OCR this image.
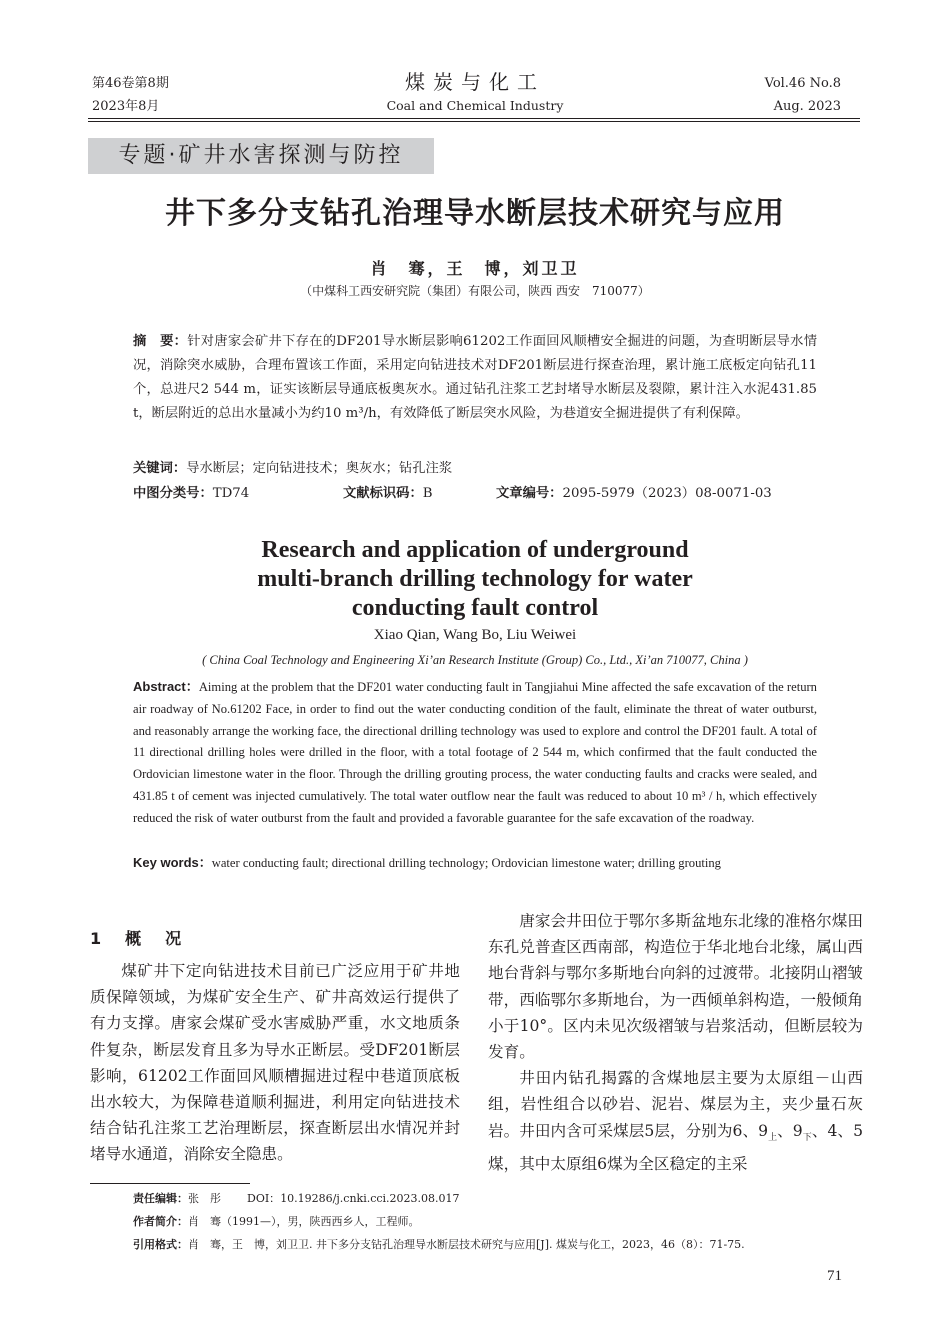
第46卷第8期
2023年8月
煤炭与化工
Coal and Chemical Industry
Vol.46 No.8
Aug. 2023
专题·矿井水害探测与防控
井下多分支钻孔治理导水断层技术研究与应用
肖　骞，王　博，刘卫卫
（中煤科工西安研究院（集团）有限公司，陕西 西安　710077）
摘　要：针对唐家会矿井下存在的DF201导水断层影响61202工作面回风顺槽安全掘进的问题，为查明断层导水情况，消除突水威胁，合理布置该工作面，采用定向钻进技术对DF201断层进行探查治理，累计施工底板定向钻孔11个，总进尺2 544 m，证实该断层导通底板奥灰水。通过钻孔注浆工艺封堵导水断层及裂隙，累计注入水泥431.85 t，断层附近的总出水量减小为约10 m³/h，有效降低了断层突水风险，为巷道安全掘进提供了有利保障。
关键词：导水断层；定向钻进技术；奥灰水；钻孔注浆
中图分类号：TD74	文献标识码：B	文章编号：2095-5979（2023）08-0071-03
Research and application of underground
multi-branch drilling technology for water
conducting fault control
Xiao Qian, Wang Bo, Liu Weiwei
( China Coal Technology and Engineering Xi’an Research Institute (Group) Co., Ltd., Xi’an 710077, China )
Abstract：Aiming at the problem that the DF201 water conducting fault in Tangjiahui Mine affected the safe excavation of the return air roadway of No.61202 Face, in order to find out the water conducting condition of the fault, eliminate the threat of water outburst, and reasonably arrange the working face, the directional drilling technology was used to explore and control the DF201 fault. A total of 11 directional drilling holes were drilled in the floor, with a total footage of 2 544 m, which confirmed that the fault conducted the Ordovician limestone water in the floor. Through the drilling grouting process, the water conducting faults and cracks were sealed, and 431.85 t of cement was injected cumulatively. The total water outflow near the fault was reduced to about 10 m³ / h, which effectively reduced the risk of water outburst from the fault and provided a favorable guarantee for the safe excavation of the roadway.
Key words：water conducting fault; directional drilling technology; Ordovician limestone water; drilling grouting
1　概　况

煤矿井下定向钻进技术目前已广泛应用于矿井地质保障领域，为煤矿安全生产、矿井高效运行提供了有力支撑。唐家会煤矿受水害威胁严重，水文地质条件复杂，断层发育且多为导水正断层。受DF201断层影响，61202工作面回风顺槽掘进过程中巷道顶底板出水较大，为保障巷道顺利掘进，利用定向钻进技术结合钻孔注浆工艺治理断层，探查断层出水情况并封堵导水通道，消除安全隐患。

唐家会井田位于鄂尔多斯盆地东北缘的准格尔煤田东孔兑普查区西南部，构造位于华北地台北缘，属山西地台背斜与鄂尔多斯地台向斜的过渡带。北接阴山褶皱带，西临鄂尔多斯地台，为一西倾单斜构造，一般倾角小于10°。区内未见次级褶皱与岩浆活动，但断层较为发育。

井田内钻孔揭露的含煤地层主要为太原组－山西组，岩性组合以砂岩、泥岩、煤层为主，夹少量石灰岩。井田内含可采煤层5层，分别为6、$9_上$、$9_下$、4、5煤，其中太原组6煤为全区稳定的主采

责任编辑：张　彤 DOI：10.19286/j.cnki.cci.2023.08.017
作者简介：肖　骞（1991—），男，陕西西乡人，工程师。
引用格式：肖　骞，王　博，刘卫卫. 井下多分支钻孔治理导水断层技术研究与应用[J]. 煤炭与化工，2023，46（8）：71-75.
71
